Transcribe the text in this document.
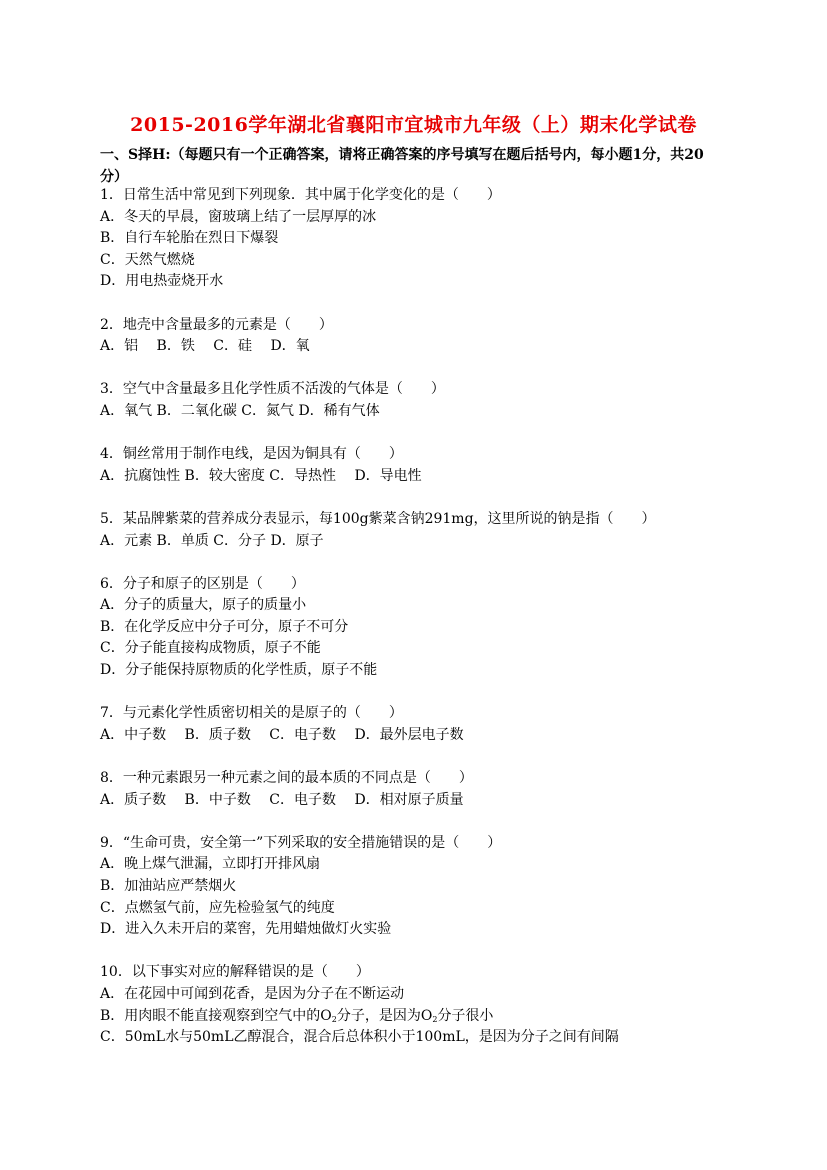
2015-2016学年湖北省襄阳市宜城市九年级（上）期末化学试卷
一、S择H:（每题只有一个正确答案，请将正确答案的序号填写在题后括号内，每小题1分，共20
分）
1．日常生活中常见到下列现象．其中属于化学变化的是（　　）
A．冬天的早晨，窗玻璃上结了一层厚厚的冰
B．自行车轮胎在烈日下爆裂
C．天然气燃烧
D．用电热壶烧开水
2．地壳中含量最多的元素是（　　）
A．铝　 B．铁　 C．硅　 D．氧
3．空气中含量最多且化学性质不活泼的气体是（　　）
A．氧气 B．二氧化碳 C．氮气 D．稀有气体
4．铜丝常用于制作电线，是因为铜具有（　　）
A．抗腐蚀性 B．较大密度 C．导热性　 D．导电性
5．某品牌紫菜的营养成分表显示，每100g紫菜含钠291mg，这里所说的钠是指（　　）
A．元素 B．单质 C．分子 D．原子
6．分子和原子的区别是（　　）
A．分子的质量大，原子的质量小
B．在化学反应中分子可分，原子不可分
C．分子能直接构成物质，原子不能
D．分子能保持原物质的化学性质，原子不能
7．与元素化学性质密切相关的是原子的（　　）
A．中子数　 B．质子数　 C．电子数　 D．最外层电子数
8．一种元素跟另一种元素之间的最本质的不同点是（　　）
A．质子数　 B．中子数　 C．电子数　 D．相对原子质量
9．“生命可贵，安全第一”下列采取的安全措施错误的是（　　）
A．晚上煤气泄漏，立即打开排风扇
B．加油站应严禁烟火
C．点燃氢气前，应先检验氢气的纯度
D．进入久未开启的菜窖，先用蜡烛做灯火实验
10．以下事实对应的解释错误的是（　　）
A．在花园中可闻到花香，是因为分子在不断运动
B．用肉眼不能直接观察到空气中的$O_2$分子，是因为$O_2$分子很小
C．50mL水与50mL乙醇混合，混合后总体积小于100mL，是因为分子之间有间隔
